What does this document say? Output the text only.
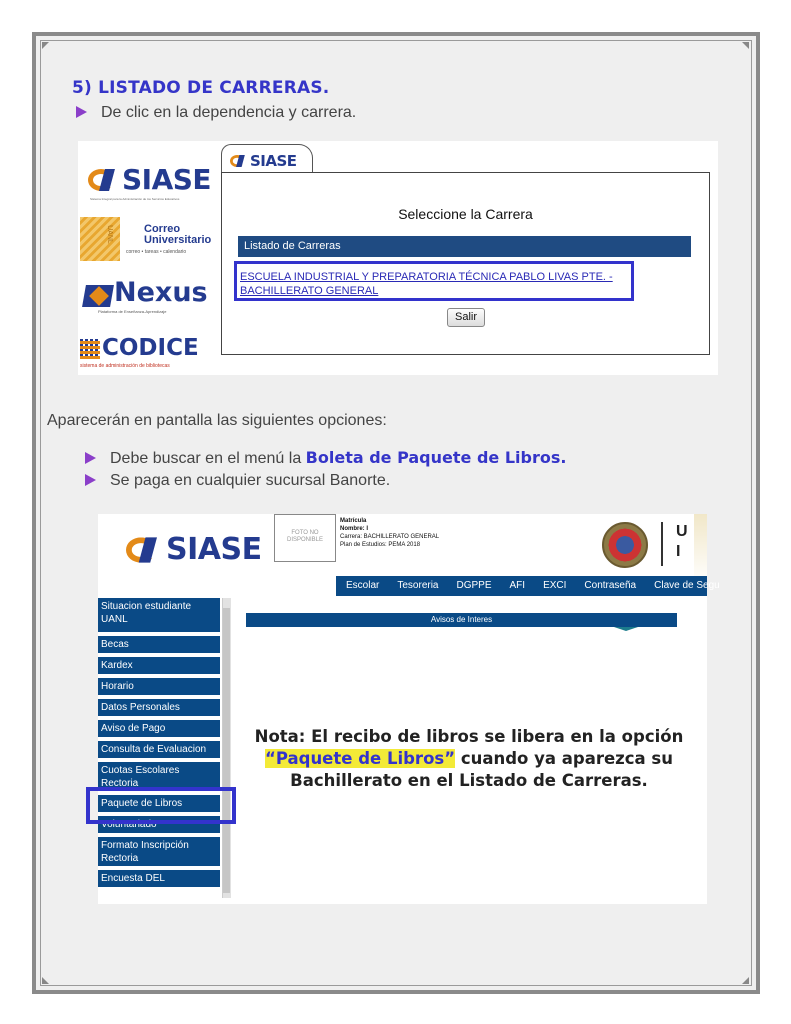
5) LISTADO DE CARRERAS.
De clic en la dependencia y carrera.
SIASE
Sistema Integral para la Administración de los Servicios Educativos
UANL	Correo
Universitario
correo • tareas • calendario
Nexus
Plataforma de Enseñanza-Aprendizaje
CODICE
sistema de administración de bibliotecas
SIASE
Seleccione la Carrera
Listado de Carreras
ESCUELA INDUSTRIAL Y PREPARATORIA TÉCNICA PABLO LIVAS PTE. - BACHILLERATO GENERAL
Salir
Aparecerán en pantalla las siguientes opciones:
Debe buscar en el menú la Boleta de Paquete de Libros.
Se paga en cualquier sucursal Banorte.
SIASE	FOTO NO DISPONIBLE
Matrícula
Nombre: I
Carrera: BACHILLERATO GENERAL
Plan de Estudios: PEMA 2018
U
I
Escolar	Tesoreria	DGPPE	AFI	EXCI	Contraseña	Clave de Segu
Situacion estudiante UANL
Becas
Kardex
Horario
Datos Personales
Aviso de Pago
Consulta de Evaluacion
Cuotas Escolares Rectoria
Paquete de Libros
Voluntariado
Formato Inscripción Rectoria
Encuesta DEL
Avisos de Interes
Nota: El recibo de libros se libera en la opción
“Paquete de Libros” cuando ya aparezca su Bachillerato en el Listado de Carreras.
